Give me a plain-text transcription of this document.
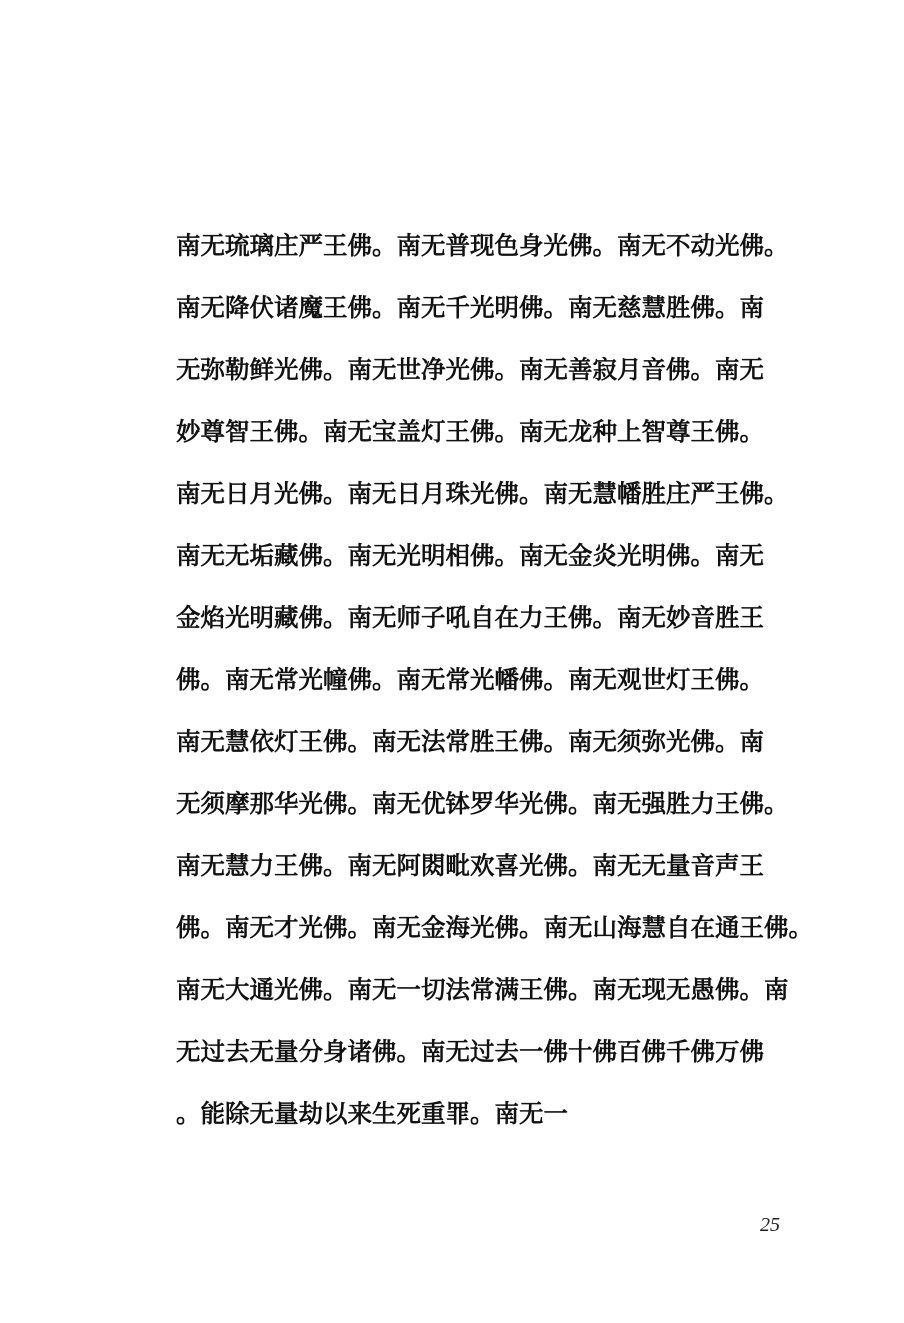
南无琉璃庄严王佛。南无普现色身光佛。南无不动光佛。
南无降伏诸魔王佛。南无千光明佛。南无慈慧胜佛。南
无弥勒鲜光佛。南无世净光佛。南无善寂月音佛。南无
妙尊智王佛。南无宝盖灯王佛。南无龙种上智尊王佛。
南无日月光佛。南无日月珠光佛。南无慧幡胜庄严王佛。
南无无垢藏佛。南无光明相佛。南无金炎光明佛。南无
金焰光明藏佛。南无师子吼自在力王佛。南无妙音胜王
佛。南无常光幢佛。南无常光幡佛。南无观世灯王佛。
南无慧依灯王佛。南无法常胜王佛。南无须弥光佛。南
无须摩那华光佛。南无优钵罗华光佛。南无强胜力王佛。
南无慧力王佛。南无阿閦毗欢喜光佛。南无无量音声王
佛。南无才光佛。南无金海光佛。南无山海慧自在通王佛。
南无大通光佛。南无一切法常满王佛。南无现无愚佛。南
无过去无量分身诸佛。南无过去一佛十佛百佛千佛万佛
。能除无量劫以来生死重罪。南无一
25
